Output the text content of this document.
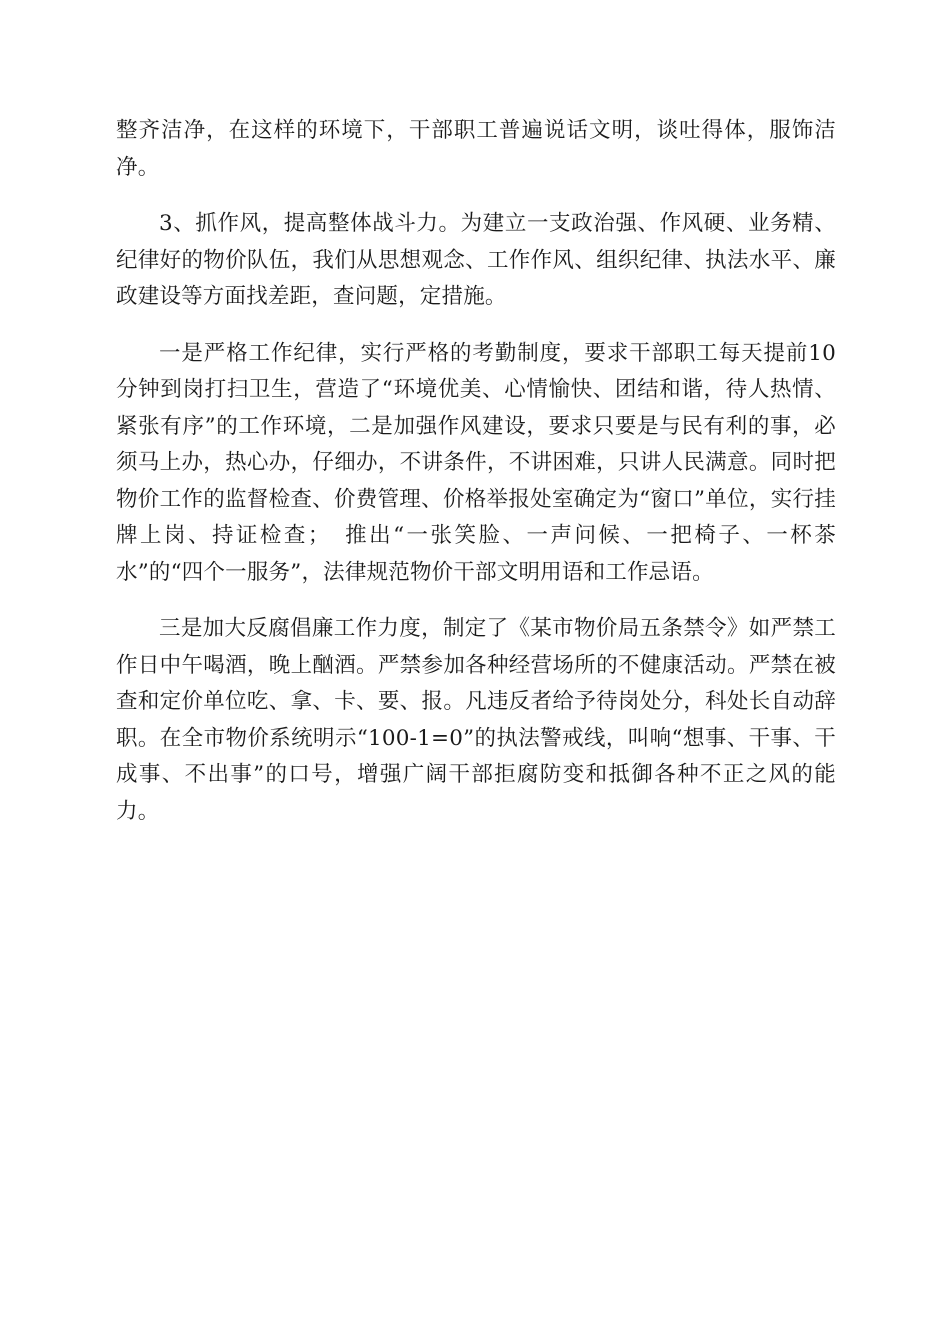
整齐洁净，在这样的环境下，干部职工普遍说话文明，谈吐得体，服饰洁净。

3、抓作风，提高整体战斗力。为建立一支政治强、作风硬、业务精、纪律好的物价队伍，我们从思想观念、工作作风、组织纪律、执法水平、廉政建设等方面找差距，查问题，定措施。

一是严格工作纪律，实行严格的考勤制度，要求干部职工每天提前10分钟到岗打扫卫生，营造了“环境优美、心情愉快、团结和谐，待人热情、紧张有序”的工作环境，二是加强作风建设，要求只要是与民有利的事，必须马上办，热心办，仔细办，不讲条件，不讲困难，只讲人民满意。同时把物价工作的监督检查、价费管理、价格举报处室确定为“窗口”单位，实行挂牌上岗、持证检查；　推出“一张笑脸、一声问候、一把椅子、一杯茶水”的“四个一服务”，法律规范物价干部文明用语和工作忌语。

三是加大反腐倡廉工作力度，制定了《某市物价局五条禁令》如严禁工作日中午喝酒，晚上酗酒。严禁参加各种经营场所的不健康活动。严禁在被查和定价单位吃、拿、卡、要、报。凡违反者给予待岗处分，科处长自动辞职。在全市物价系统明示“100-1=0”的执法警戒线，叫响“想事、干事、干成事、不出事”的口号，增强广阔干部拒腐防变和抵御各种不正之风的能力。
